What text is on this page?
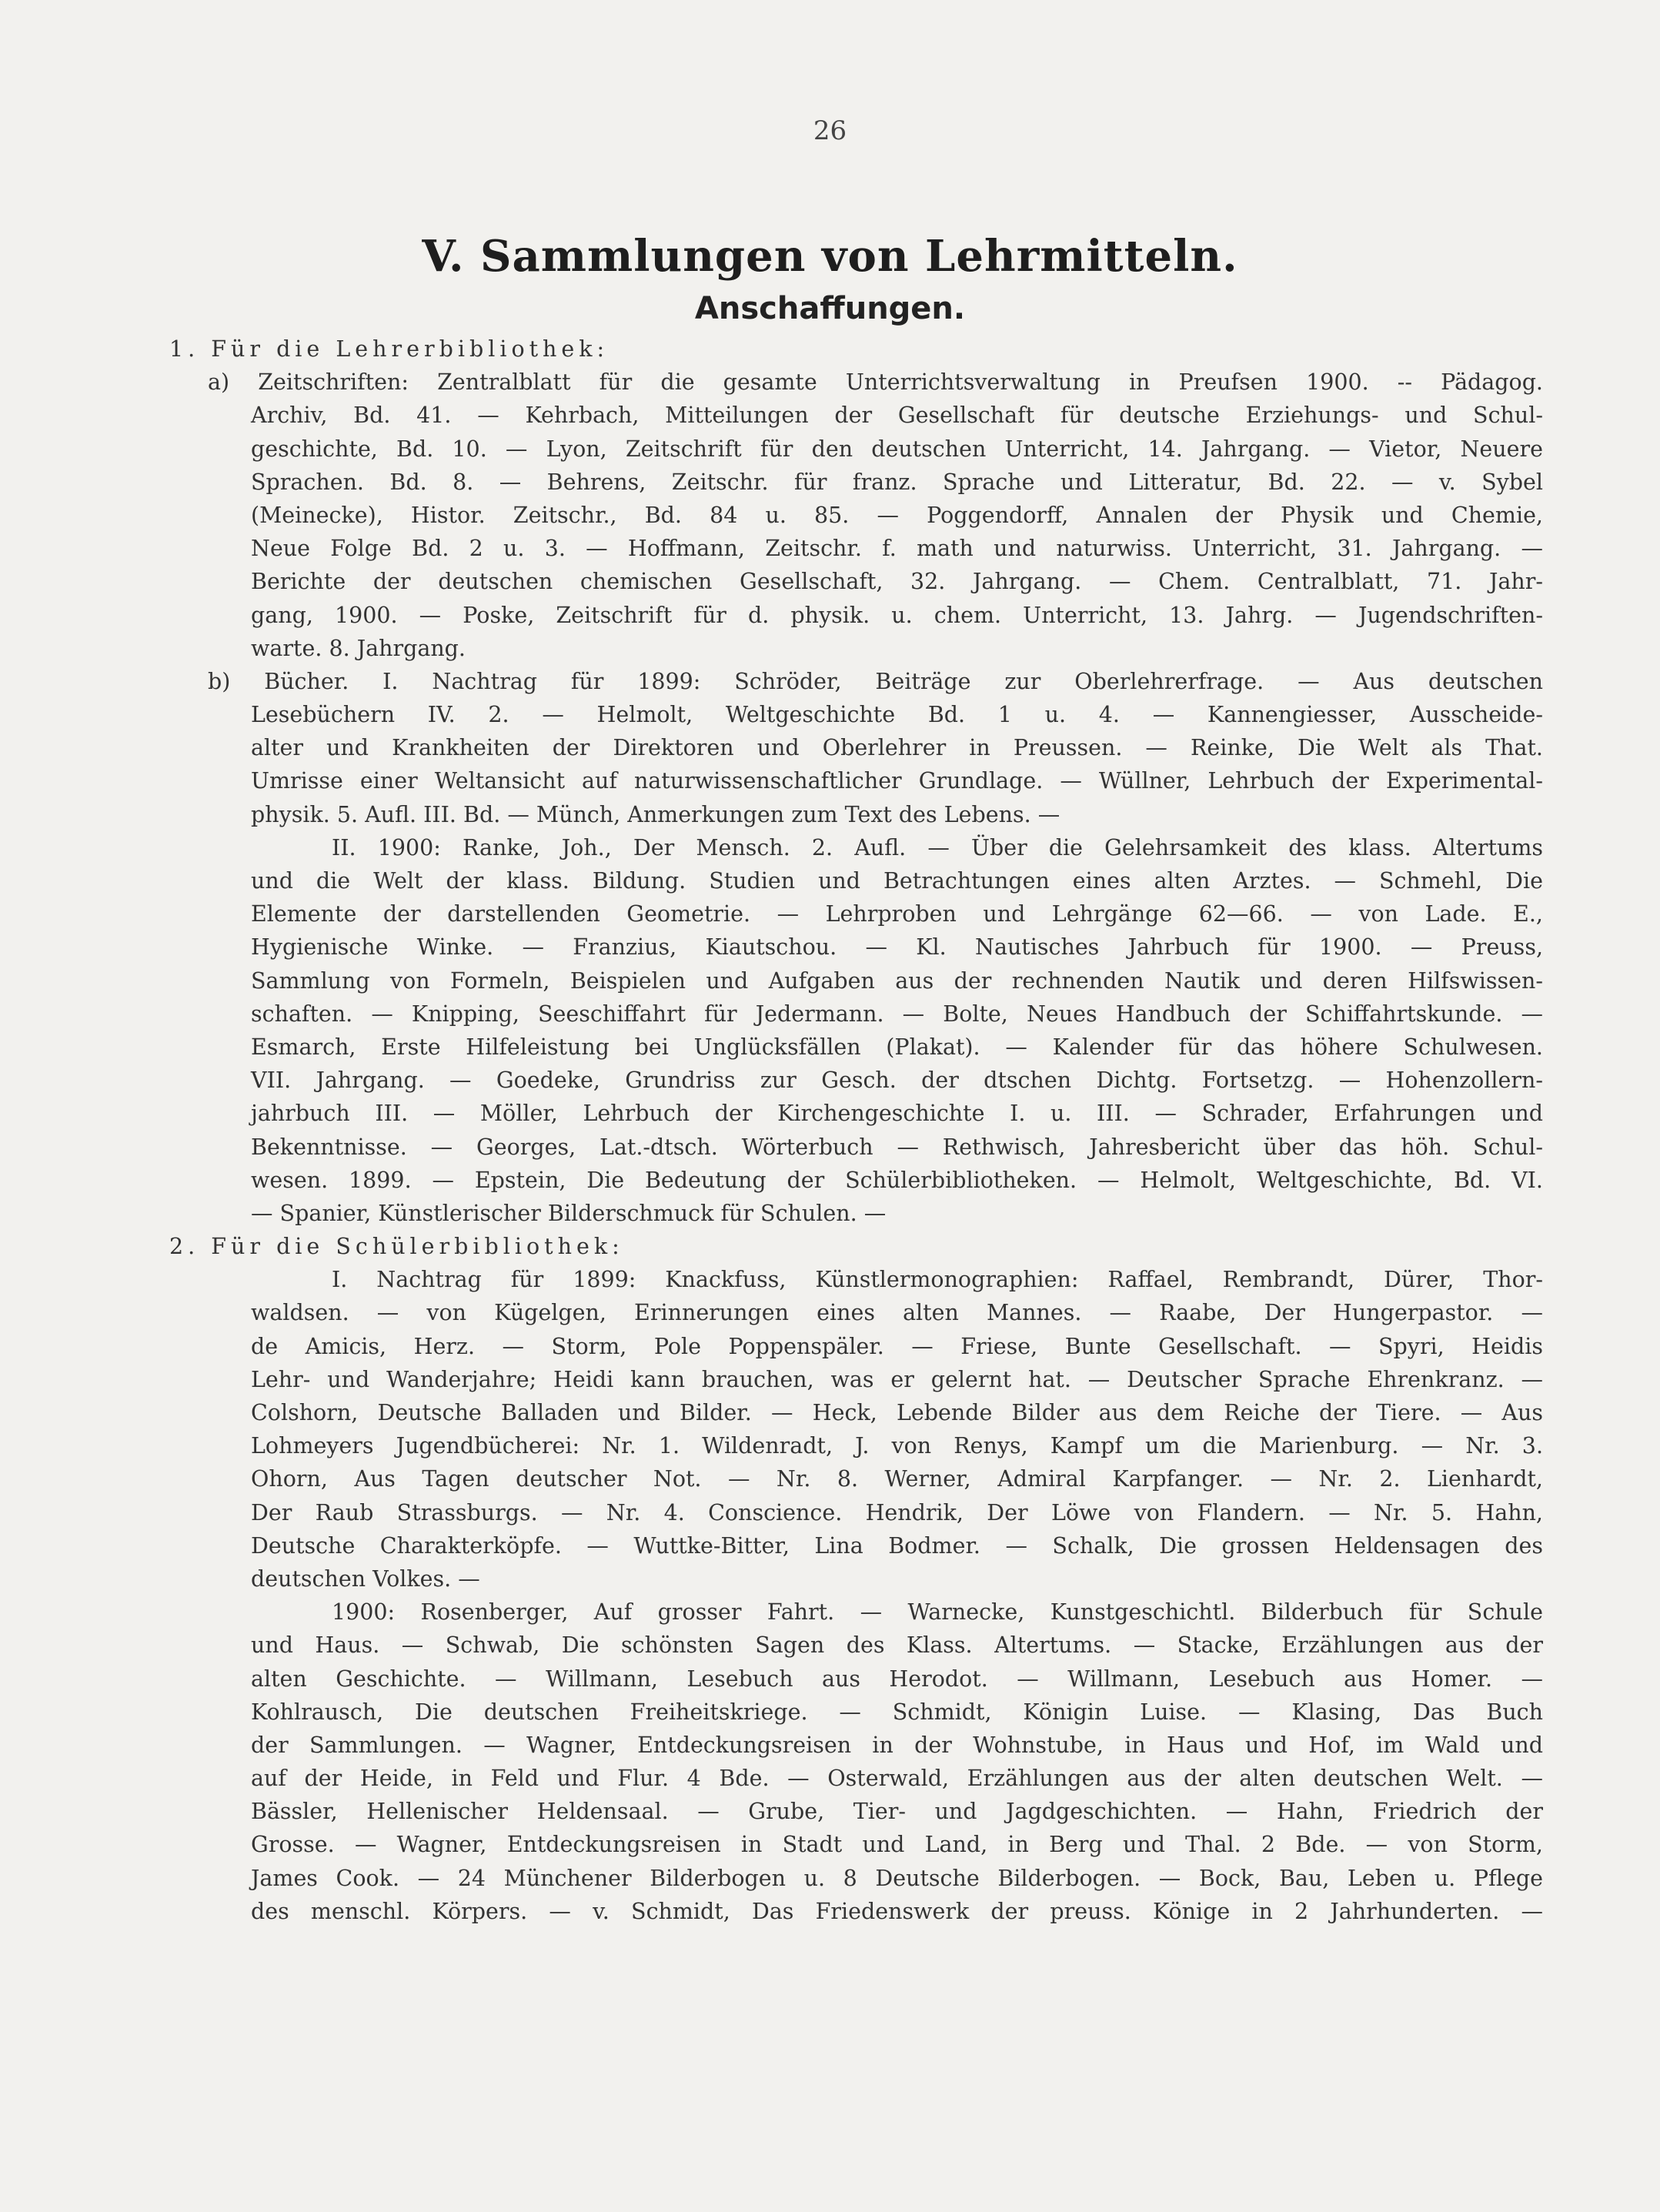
26
V. Sammlungen von Lehrmitteln.
Anschaffungen.
1. Für die Lehrerbibliothek:
a) Zeitschriften: Zentralblatt für die gesamte Unterrichtsverwaltung in Preufsen 1900. -- Pädagog.
Archiv, Bd. 41. — Kehrbach, Mitteilungen der Gesellschaft für deutsche Erziehungs- und Schul-
geschichte, Bd. 10. — Lyon, Zeitschrift für den deutschen Unterricht, 14. Jahrgang. — Vietor, Neuere
Sprachen. Bd. 8. — Behrens, Zeitschr. für franz. Sprache und Litteratur, Bd. 22. — v. Sybel
(Meinecke), Histor. Zeitschr., Bd. 84 u. 85. — Poggendorff, Annalen der Physik und Chemie,
Neue Folge Bd. 2 u. 3. — Hoffmann, Zeitschr. f. math und naturwiss. Unterricht, 31. Jahrgang. —
Berichte der deutschen chemischen Gesellschaft, 32. Jahrgang. — Chem. Centralblatt, 71. Jahr-
gang, 1900. — Poske, Zeitschrift für d. physik. u. chem. Unterricht, 13. Jahrg. — Jugendschriften-
warte. 8. Jahrgang.
b) Bücher. I. Nachtrag für 1899: Schröder, Beiträge zur Oberlehrerfrage. — Aus deutschen
Lesebüchern IV. 2. — Helmolt, Weltgeschichte Bd. 1 u. 4. — Kannengiesser, Ausscheide-
alter und Krankheiten der Direktoren und Oberlehrer in Preussen. — Reinke, Die Welt als That.
Umrisse einer Weltansicht auf naturwissenschaftlicher Grundlage. — Wüllner, Lehrbuch der Experimental-
physik. 5. Aufl. III. Bd. — Münch, Anmerkungen zum Text des Lebens. —
II. 1900: Ranke, Joh., Der Mensch. 2. Aufl. — Über die Gelehrsamkeit des klass. Altertums
und die Welt der klass. Bildung. Studien und Betrachtungen eines alten Arztes. — Schmehl, Die
Elemente der darstellenden Geometrie. — Lehrproben und Lehrgänge 62—66. — von Lade. E.,
Hygienische Winke. — Franzius, Kiautschou. — Kl. Nautisches Jahrbuch für 1900. — Preuss,
Sammlung von Formeln, Beispielen und Aufgaben aus der rechnenden Nautik und deren Hilfswissen-
schaften. — Knipping, Seeschiffahrt für Jedermann. — Bolte, Neues Handbuch der Schiffahrtskunde. —
Esmarch, Erste Hilfeleistung bei Unglücksfällen (Plakat). — Kalender für das höhere Schulwesen.
VII. Jahrgang. — Goedeke, Grundriss zur Gesch. der dtschen Dichtg. Fortsetzg. — Hohenzollern-
jahrbuch III. — Möller, Lehrbuch der Kirchengeschichte I. u. III. — Schrader, Erfahrungen und
Bekenntnisse. — Georges, Lat.-dtsch. Wörterbuch — Rethwisch, Jahresbericht über das höh. Schul-
wesen. 1899. — Epstein, Die Bedeutung der Schülerbibliotheken. — Helmolt, Weltgeschichte, Bd. VI.
— Spanier, Künstlerischer Bilderschmuck für Schulen. —
2. Für die Schülerbibliothek:
I. Nachtrag für 1899: Knackfuss, Künstlermonographien: Raffael, Rembrandt, Dürer, Thor-
waldsen. — von Kügelgen, Erinnerungen eines alten Mannes. — Raabe, Der Hungerpastor. —
de Amicis, Herz. — Storm, Pole Poppenspäler. — Friese, Bunte Gesellschaft. — Spyri, Heidis
Lehr- und Wanderjahre; Heidi kann brauchen, was er gelernt hat. — Deutscher Sprache Ehrenkranz. —
Colshorn, Deutsche Balladen und Bilder. — Heck, Lebende Bilder aus dem Reiche der Tiere. — Aus
Lohmeyers Jugendbücherei: Nr. 1. Wildenradt, J. von Renys, Kampf um die Marienburg. — Nr. 3.
Ohorn, Aus Tagen deutscher Not. — Nr. 8. Werner, Admiral Karpfanger. — Nr. 2. Lienhardt,
Der Raub Strassburgs. — Nr. 4. Conscience. Hendrik, Der Löwe von Flandern. — Nr. 5. Hahn,
Deutsche Charakterköpfe. — Wuttke-Bitter, Lina Bodmer. — Schalk, Die grossen Heldensagen des
deutschen Volkes. —
1900: Rosenberger, Auf grosser Fahrt. — Warnecke, Kunstgeschichtl. Bilderbuch für Schule
und Haus. — Schwab, Die schönsten Sagen des Klass. Altertums. — Stacke, Erzählungen aus der
alten Geschichte. — Willmann, Lesebuch aus Herodot. — Willmann, Lesebuch aus Homer. —
Kohlrausch, Die deutschen Freiheitskriege. — Schmidt, Königin Luise. — Klasing, Das Buch
der Sammlungen. — Wagner, Entdeckungsreisen in der Wohnstube, in Haus und Hof, im Wald und
auf der Heide, in Feld und Flur. 4 Bde. — Osterwald, Erzählungen aus der alten deutschen Welt. —
Bässler, Hellenischer Heldensaal. — Grube, Tier- und Jagdgeschichten. — Hahn, Friedrich der
Grosse. — Wagner, Entdeckungsreisen in Stadt und Land, in Berg und Thal. 2 Bde. — von Storm,
James Cook. — 24 Münchener Bilderbogen u. 8 Deutsche Bilderbogen. — Bock, Bau, Leben u. Pflege
des menschl. Körpers. — v. Schmidt, Das Friedenswerk der preuss. Könige in 2 Jahrhunderten. —
